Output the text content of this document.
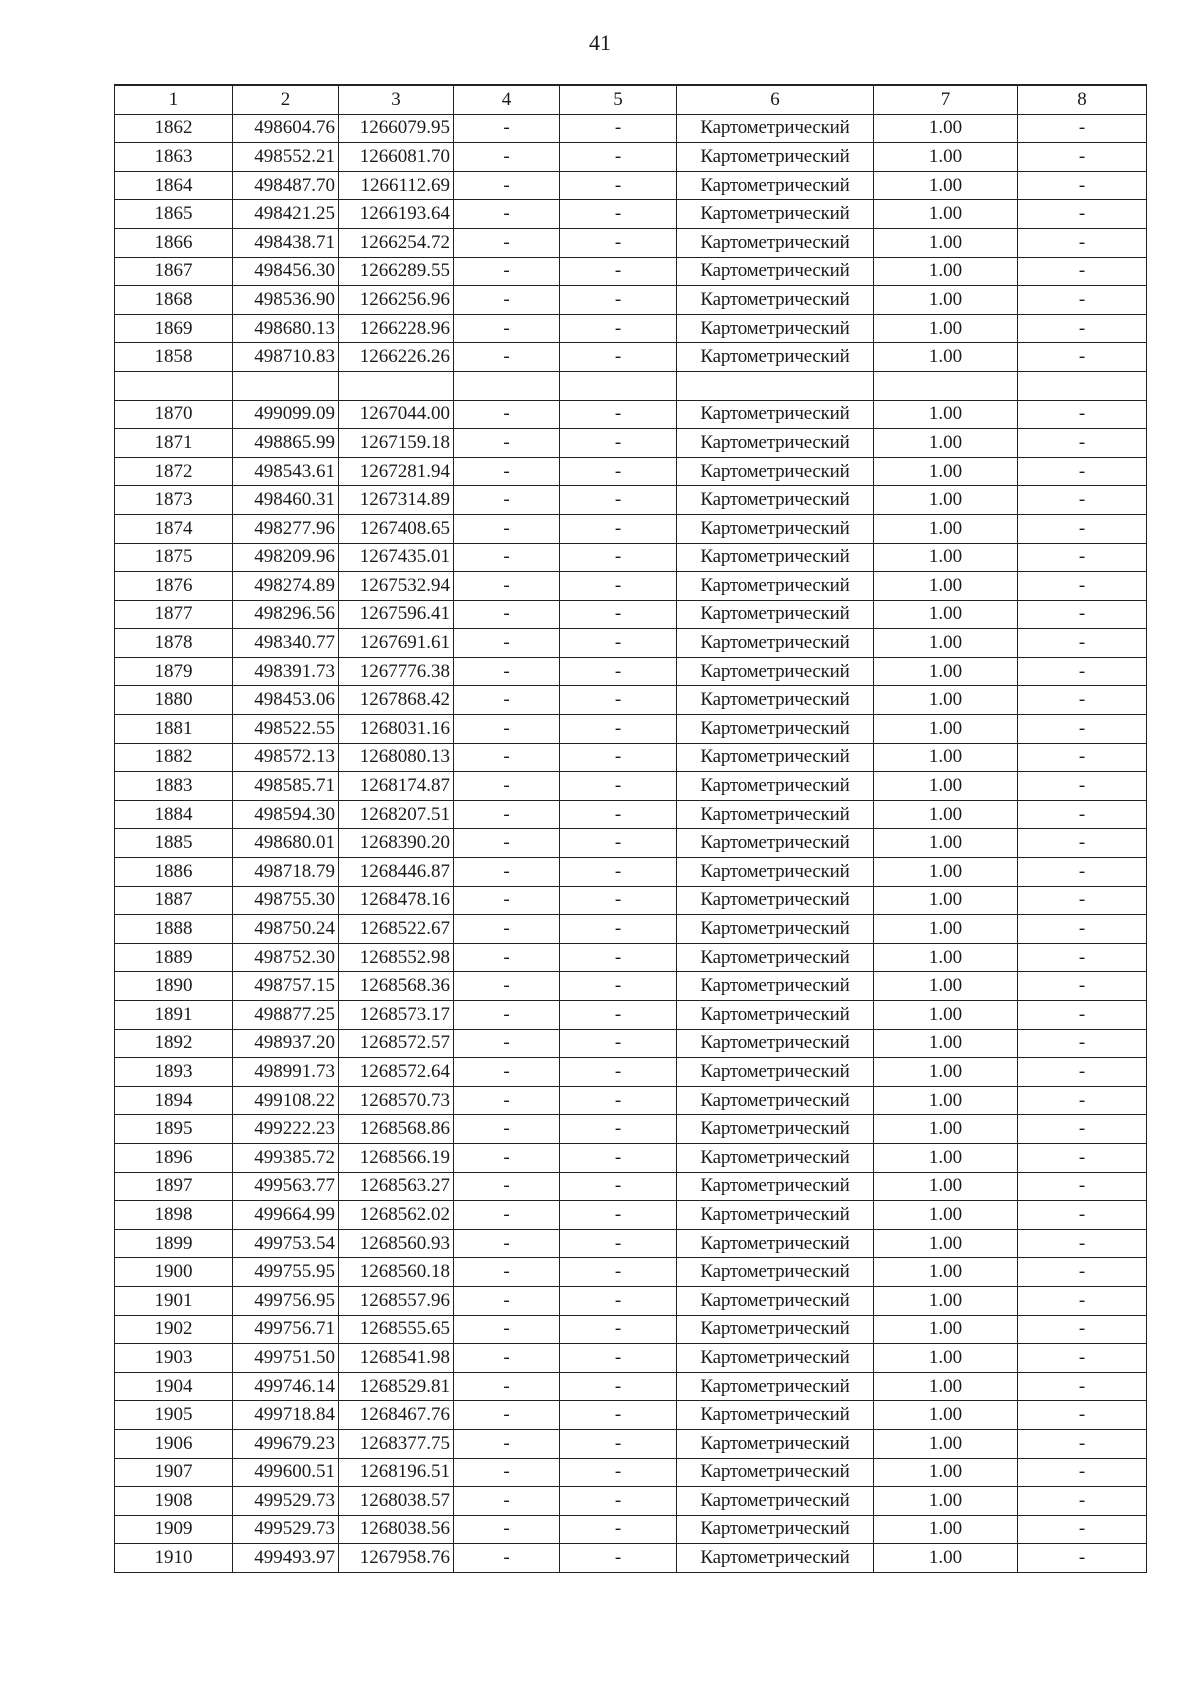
41
1	2	3	4	5	6	7	8
1862	498604.76	1266079.95	-	-	Картометрический	1.00	-
1863	498552.21	1266081.70	-	-	Картометрический	1.00	-
1864	498487.70	1266112.69	-	-	Картометрический	1.00	-
1865	498421.25	1266193.64	-	-	Картометрический	1.00	-
1866	498438.71	1266254.72	-	-	Картометрический	1.00	-
1867	498456.30	1266289.55	-	-	Картометрический	1.00	-
1868	498536.90	1266256.96	-	-	Картометрический	1.00	-
1869	498680.13	1266228.96	-	-	Картометрический	1.00	-
1858	498710.83	1266226.26	-	-	Картометрический	1.00	-

1870	499099.09	1267044.00	-	-	Картометрический	1.00	-
1871	498865.99	1267159.18	-	-	Картометрический	1.00	-
1872	498543.61	1267281.94	-	-	Картометрический	1.00	-
1873	498460.31	1267314.89	-	-	Картометрический	1.00	-
1874	498277.96	1267408.65	-	-	Картометрический	1.00	-
1875	498209.96	1267435.01	-	-	Картометрический	1.00	-
1876	498274.89	1267532.94	-	-	Картометрический	1.00	-
1877	498296.56	1267596.41	-	-	Картометрический	1.00	-
1878	498340.77	1267691.61	-	-	Картометрический	1.00	-
1879	498391.73	1267776.38	-	-	Картометрический	1.00	-
1880	498453.06	1267868.42	-	-	Картометрический	1.00	-
1881	498522.55	1268031.16	-	-	Картометрический	1.00	-
1882	498572.13	1268080.13	-	-	Картометрический	1.00	-
1883	498585.71	1268174.87	-	-	Картометрический	1.00	-
1884	498594.30	1268207.51	-	-	Картометрический	1.00	-
1885	498680.01	1268390.20	-	-	Картометрический	1.00	-
1886	498718.79	1268446.87	-	-	Картометрический	1.00	-
1887	498755.30	1268478.16	-	-	Картометрический	1.00	-
1888	498750.24	1268522.67	-	-	Картометрический	1.00	-
1889	498752.30	1268552.98	-	-	Картометрический	1.00	-
1890	498757.15	1268568.36	-	-	Картометрический	1.00	-
1891	498877.25	1268573.17	-	-	Картометрический	1.00	-
1892	498937.20	1268572.57	-	-	Картометрический	1.00	-
1893	498991.73	1268572.64	-	-	Картометрический	1.00	-
1894	499108.22	1268570.73	-	-	Картометрический	1.00	-
1895	499222.23	1268568.86	-	-	Картометрический	1.00	-
1896	499385.72	1268566.19	-	-	Картометрический	1.00	-
1897	499563.77	1268563.27	-	-	Картометрический	1.00	-
1898	499664.99	1268562.02	-	-	Картометрический	1.00	-
1899	499753.54	1268560.93	-	-	Картометрический	1.00	-
1900	499755.95	1268560.18	-	-	Картометрический	1.00	-
1901	499756.95	1268557.96	-	-	Картометрический	1.00	-
1902	499756.71	1268555.65	-	-	Картометрический	1.00	-
1903	499751.50	1268541.98	-	-	Картометрический	1.00	-
1904	499746.14	1268529.81	-	-	Картометрический	1.00	-
1905	499718.84	1268467.76	-	-	Картометрический	1.00	-
1906	499679.23	1268377.75	-	-	Картометрический	1.00	-
1907	499600.51	1268196.51	-	-	Картометрический	1.00	-
1908	499529.73	1268038.57	-	-	Картометрический	1.00	-
1909	499529.73	1268038.56	-	-	Картометрический	1.00	-
1910	499493.97	1267958.76	-	-	Картометрический	1.00	-
